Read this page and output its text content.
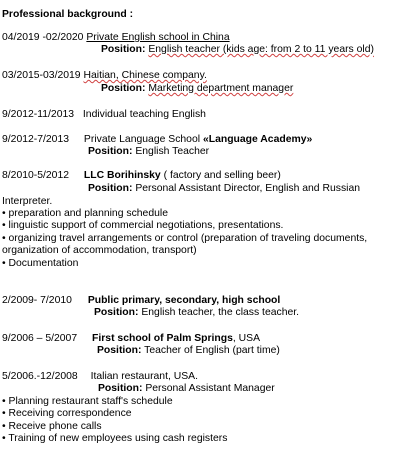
Professional background :
04/2019 -02/2020 Private English school in China
Position: English teacher (kids age: from 2 to 11 years old)
03/2015-03/2019 Haitian, Chinese company.
Position: Marketing department manager
9/2012-11/2013 Individual teaching English
9/2012-7/2013 Private Language School «Language Academy»
Position: English Teacher
8/2010-5/2012 LLC Borihinsky ( factory and selling beer)
Position: Personal Assistant Director, English and Russian
Interpreter.
• preparation and planning schedule
• linguistic support of commercial negotiations, presentations.
• organizing travel arrangements or control (preparation of traveling documents,
organization of accommodation, transport)
• Documentation
2/2009- 7/2010 Public primary, secondary, high school
Position: English teacher, the class teacher.
9/2006 – 5/2007 First school of Palm Springs, USA
Position: Teacher of English (part time)
5/2006.-12/2008 Italian restaurant, USA.
Position: Personal Assistant Manager
• Planning restaurant staff's schedule
• Receiving correspondence
• Receive phone calls
• Training of new employees using cash registers
